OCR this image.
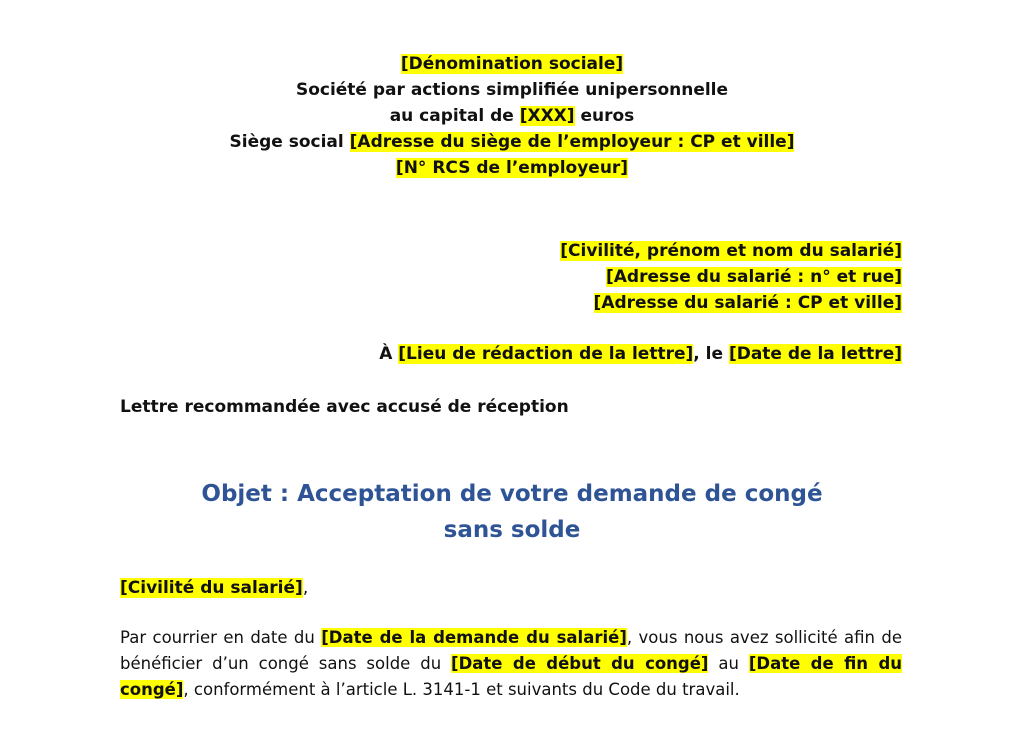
[Dénomination sociale]
Société par actions simplifiée unipersonnelle
au capital de [XXX] euros
Siège social [Adresse du siège de l’employeur : CP et ville]
[N° RCS de l’employeur]
[Civilité, prénom et nom du salarié]
[Adresse du salarié : n° et rue]
[Adresse du salarié : CP et ville]
À [Lieu de rédaction de la lettre], le [Date de la lettre]
Lettre recommandée avec accusé de réception
Objet : Acceptation de votre demande de congé
sans solde
[Civilité du salarié],
Par courrier en date du [Date de la demande du salarié], vous nous avez sollicité afin de bénéficier d’un congé sans solde du [Date de début du congé] au [Date de fin du congé], conformément à l’article L. 3141-1 et suivants du Code du travail.
